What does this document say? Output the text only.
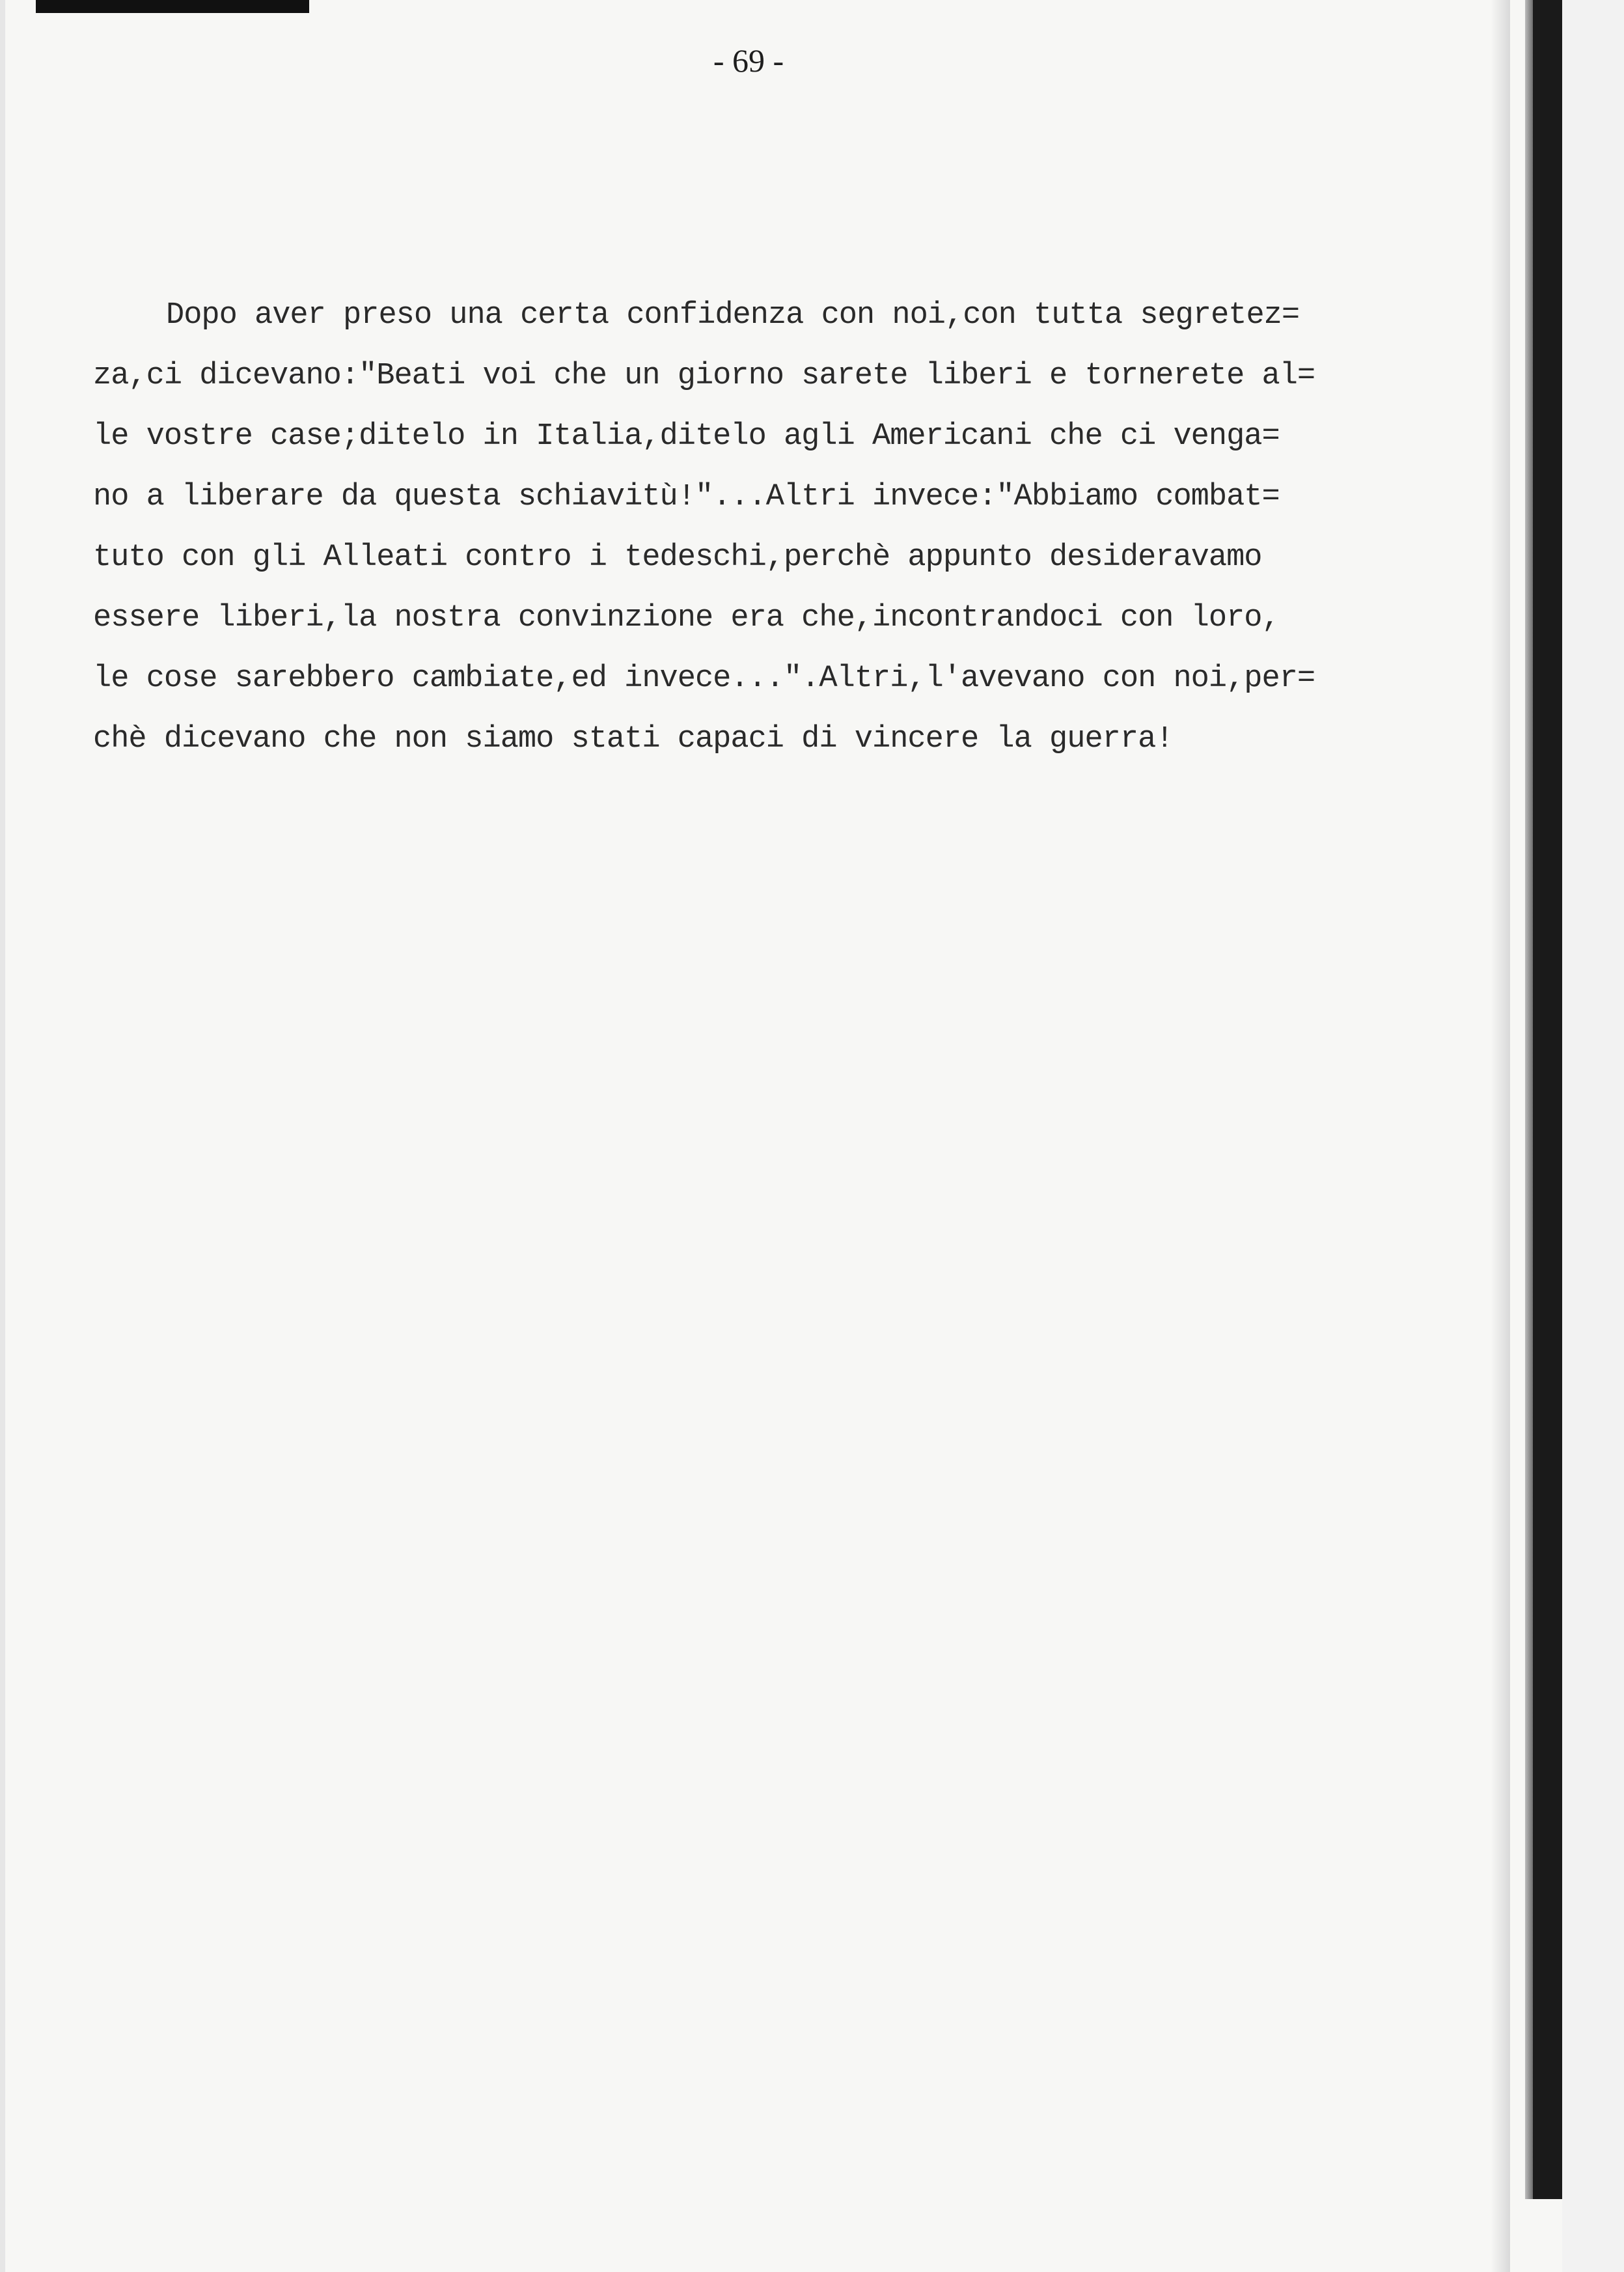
- 69 -
Dopo aver preso una certa confidenza con noi,con tutta segretez=
za,ci dicevano:"Beati voi che un giorno sarete liberi e tornerete al=
le vostre case;ditelo in Italia,ditelo agli Americani che ci venga=
no a liberare da questa schiavitù!"...Altri invece:"Abbiamo combat=
tuto con gli Alleati contro i tedeschi,perchè appunto desideravamo
essere liberi,la nostra convinzione era che,incontrandoci con loro,
le cose sarebbero cambiate,ed invece...".Altri,l'avevano con noi,per=
chè dicevano che non siamo stati capaci di vincere la guerra!
